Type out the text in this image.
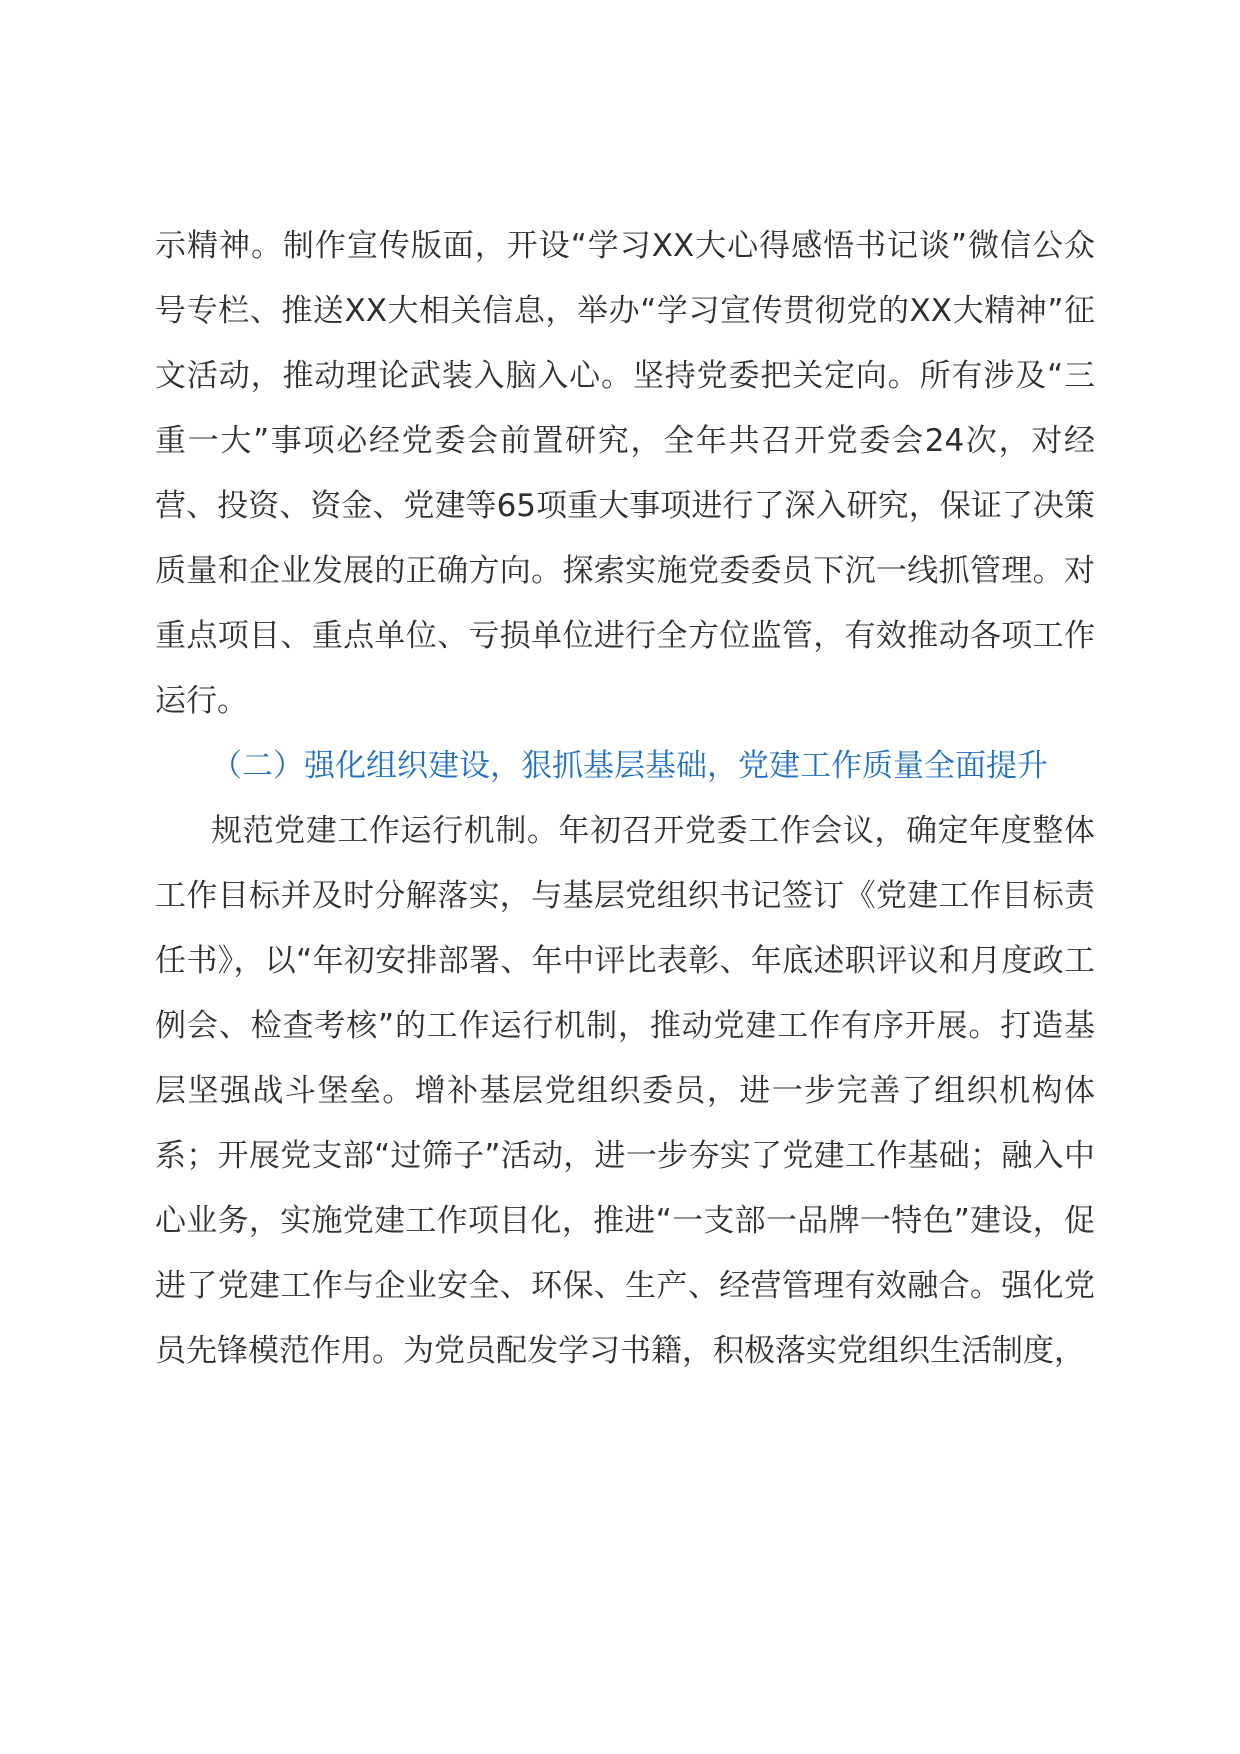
示精神。制作宣传版面，开设“学习XX大心得感悟书记谈”微信公众号专栏、推送XX大相关信息，举办“学习宣传贯彻党的XX大精神”征文活动，推动理论武装入脑入心。坚持党委把关定向。所有涉及“三重一大”事项必经党委会前置研究，全年共召开党委会24次，对经营、投资、资金、党建等65项重大事项进行了深入研究，保证了决策质量和企业发展的正确方向。探索实施党委委员下沉一线抓管理。对重点项目、重点单位、亏损单位进行全方位监管，有效推动各项工作运行。

（二）强化组织建设，狠抓基层基础，党建工作质量全面提升

规范党建工作运行机制。年初召开党委工作会议，确定年度整体工作目标并及时分解落实，与基层党组织书记签订《党建工作目标责任书》，以“年初安排部署、年中评比表彰、年底述职评议和月度政工例会、检查考核”的工作运行机制，推动党建工作有序开展。打造基层坚强战斗堡垒。增补基层党组织委员，进一步完善了组织机构体系；开展党支部“过筛子”活动，进一步夯实了党建工作基础；融入中心业务，实施党建工作项目化，推进“一支部一品牌一特色”建设，促进了党建工作与企业安全、环保、生产、经营管理有效融合。强化党员先锋模范作用。为党员配发学习书籍，积极落实党组织生活制度，
